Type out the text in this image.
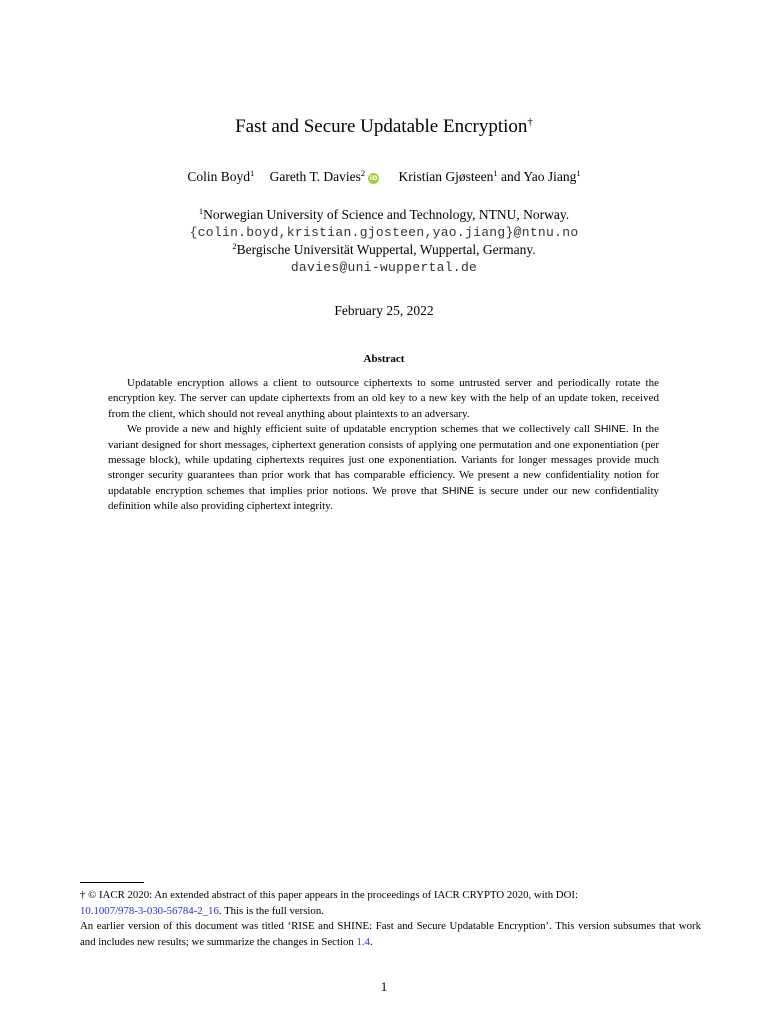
Fast and Secure Updatable Encryption†
Colin Boyd$^1$ Gareth T. Davies$^2$ iD Kristian Gjøsteen$^1$ and Yao Jiang$^1$
$^1$Norwegian University of Science and Technology, NTNU, Norway.
{colin.boyd,kristian.gjosteen,yao.jiang}@ntnu.no
$^2$Bergische Universität Wuppertal, Wuppertal, Germany.
davies@uni-wuppertal.de
February 25, 2022
Abstract

Updatable encryption allows a client to outsource ciphertexts to some untrusted server and periodically rotate the encryption key. The server can update ciphertexts from an old key to a new key with the help of an update token, received from the client, which should not reveal anything about plaintexts to an adversary.

We provide a new and highly efficient suite of updatable encryption schemes that we collectively call SHINE. In the variant designed for short messages, ciphertext generation consists of applying one permutation and one exponentiation (per message block), while updating ciphertexts requires just one exponentiation. Variants for longer messages provide much stronger security guarantees than prior work that has comparable efficiency. We present a new confidentiality notion for updatable encryption schemes that implies prior notions. We prove that SHINE is secure under our new confidentiality definition while also providing ciphertext integrity.

† © IACR 2020: An extended abstract of this paper appears in the proceedings of IACR CRYPTO 2020, with DOI:
10.1007/978-3-030-56784-2_16. This is the full version.

An earlier version of this document was titled ‘RISE and SHINE: Fast and Secure Updatable Encryption’. This version subsumes that work and includes new results; we summarize the changes in Section 1.4.

1
